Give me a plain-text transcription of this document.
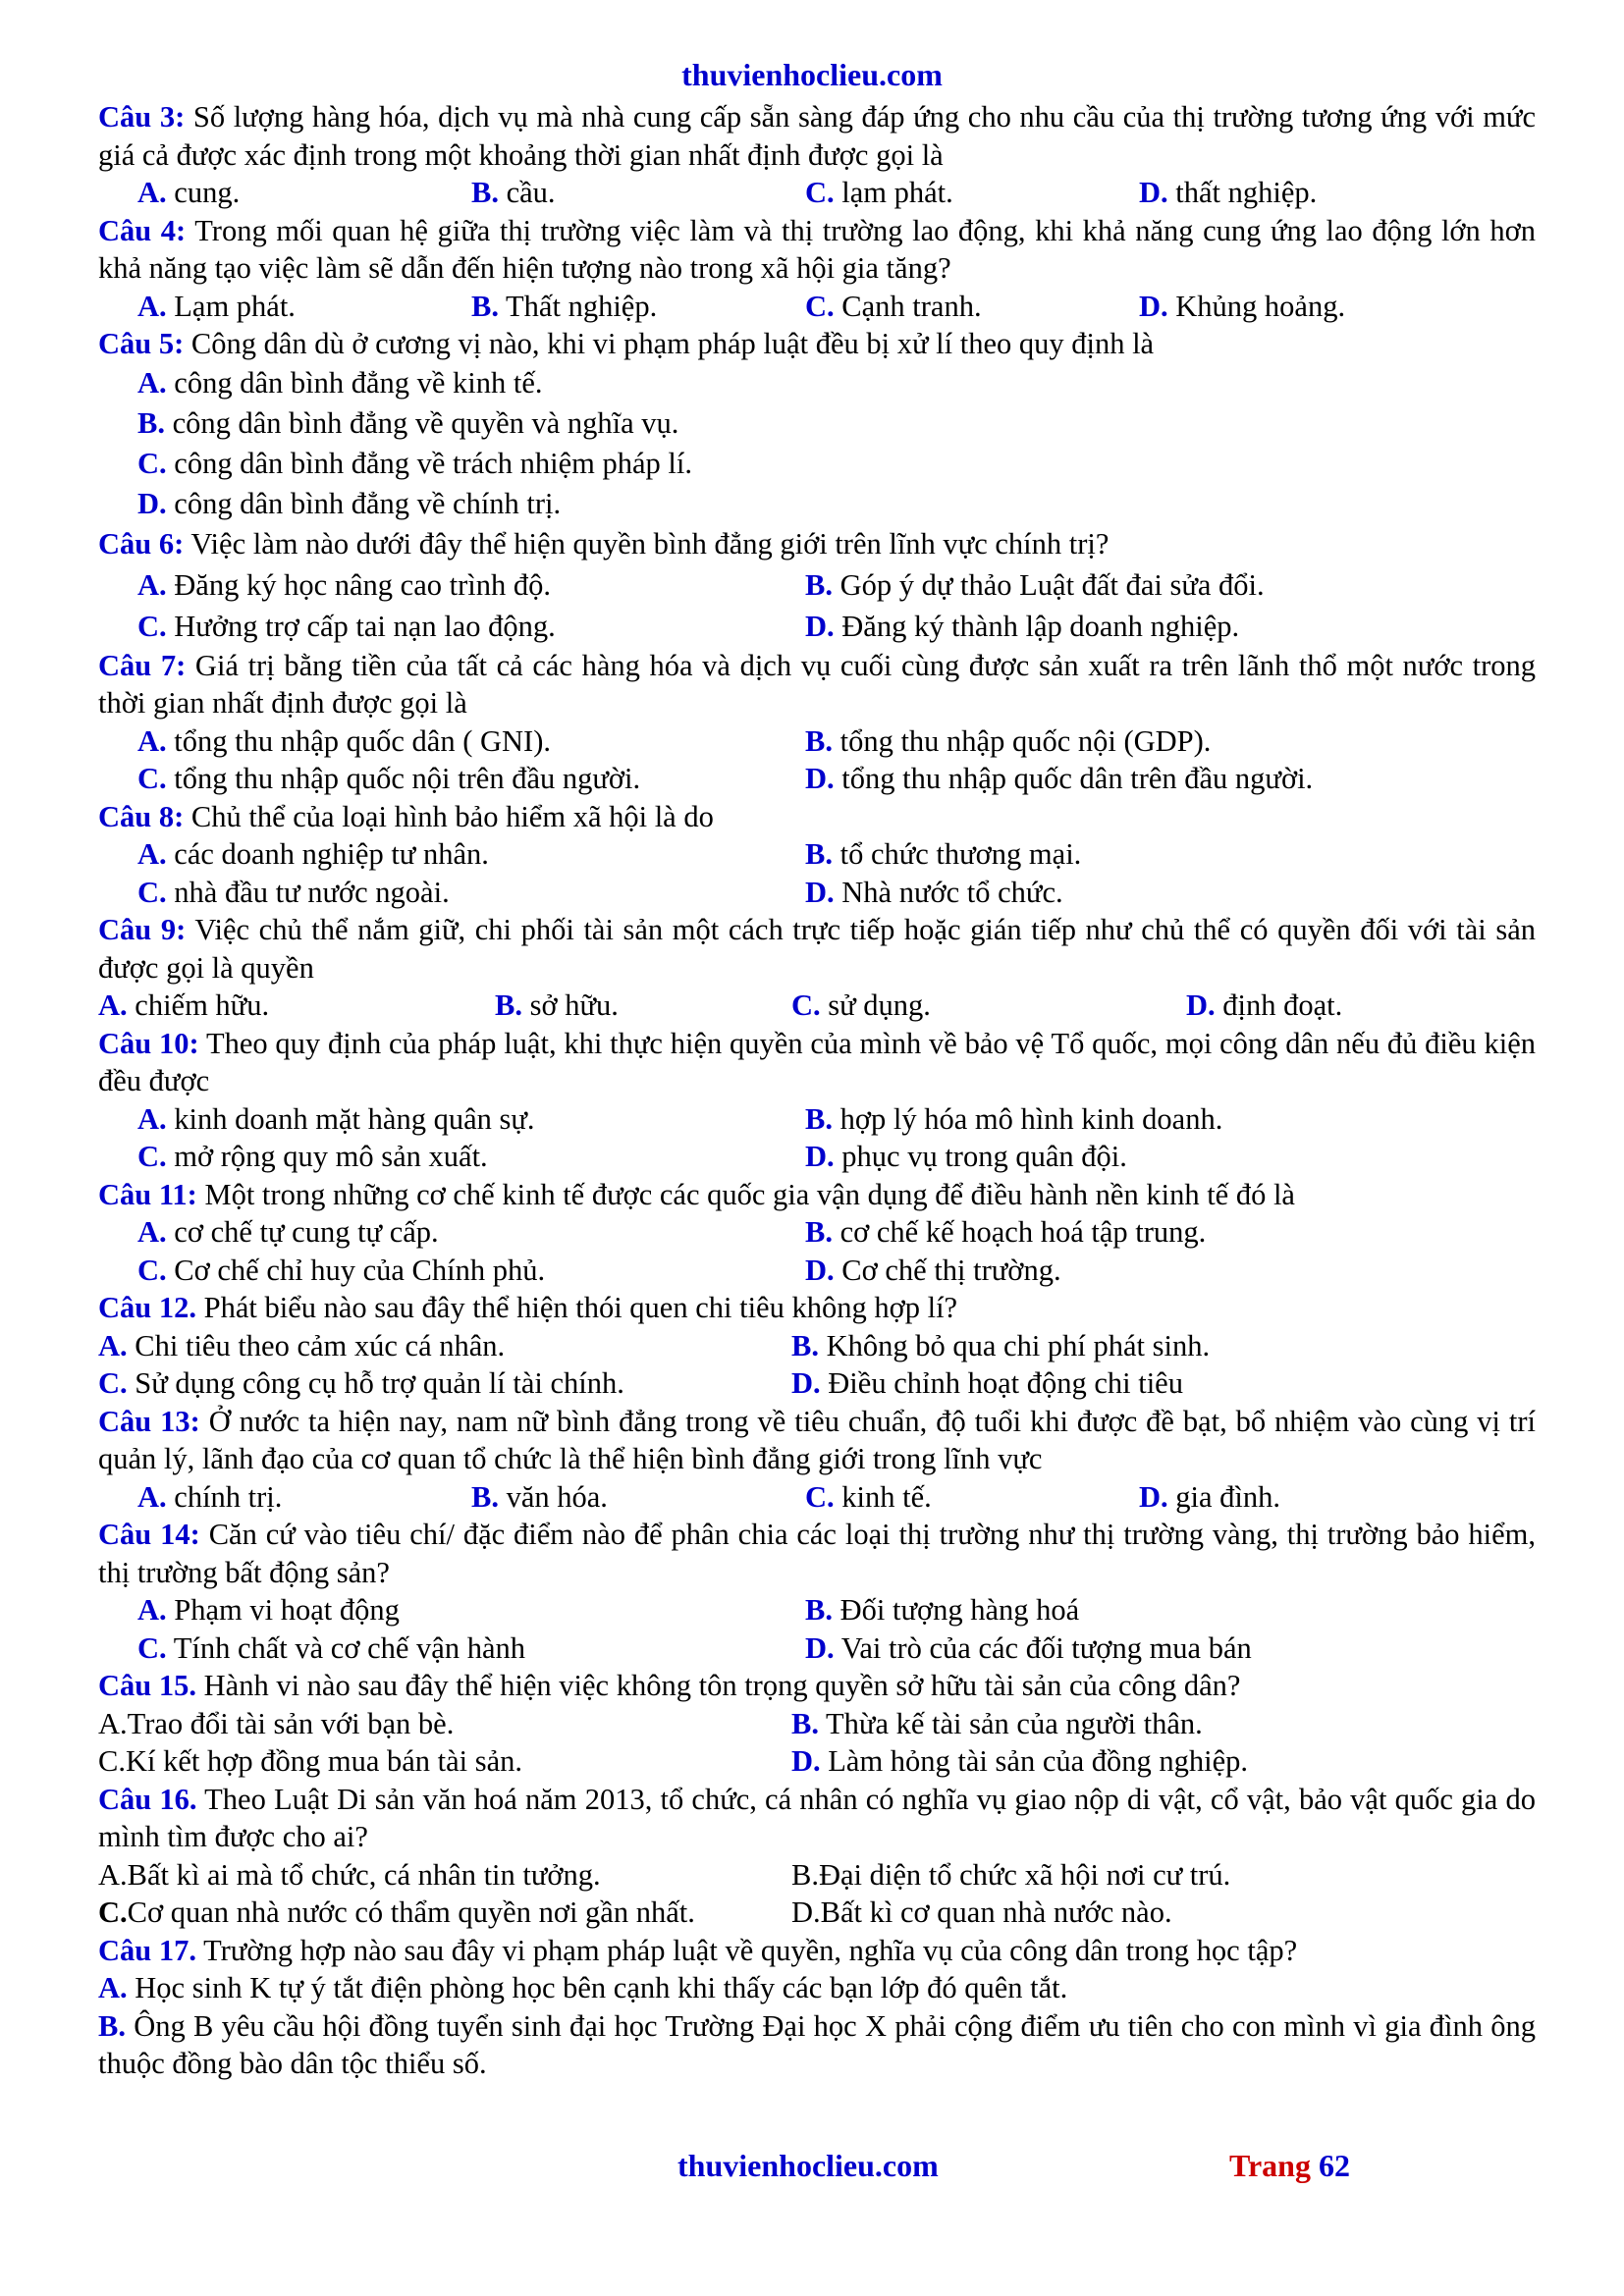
thuvienhoclieu.com
Câu 3: Số lượng hàng hóa, dịch vụ mà nhà cung cấp sẵn sàng đáp ứng cho nhu cầu của thị trường tương ứng với mức giá cả được xác định trong một khoảng thời gian nhất định được gọi là
A. cung.	B. cầu.	C. lạm phát.	D. thất nghiệp.
Câu 4: Trong mối quan hệ giữa thị trường việc làm và thị trường lao động, khi khả năng cung ứng lao động lớn hơn khả năng tạo việc làm sẽ dẫn đến hiện tượng nào trong xã hội gia tăng?
A. Lạm phát.	B. Thất nghiệp.	C. Cạnh tranh.	D. Khủng hoảng.
Câu 5: Công dân dù ở cương vị nào, khi vi phạm pháp luật đều bị xử lí theo quy định là
A. công dân bình đẳng về kinh tế.
B. công dân bình đẳng về quyền và nghĩa vụ.
C. công dân bình đẳng về trách nhiệm pháp lí.
D. công dân bình đẳng về chính trị.
Câu 6: Việc làm nào dưới đây thể hiện quyền bình đẳng giới trên lĩnh vực chính trị?
A. Đăng ký học nâng cao trình độ.	B. Góp ý dự thảo Luật đất đai sửa đổi.
C. Hưởng trợ cấp tai nạn lao động.	D. Đăng ký thành lập doanh nghiệp.
Câu 7: Giá trị bằng tiền của tất cả các hàng hóa và dịch vụ cuối cùng được sản xuất ra trên lãnh thổ một nước trong thời gian nhất định được gọi là
A. tổng thu nhập quốc dân ( GNI).	B. tổng thu nhập quốc nội (GDP).
C. tổng thu nhập quốc nội trên đầu người.	D. tổng thu nhập quốc dân trên đầu người.
Câu 8: Chủ thể của loại hình bảo hiểm xã hội là do
A. các doanh nghiệp tư nhân.	B. tổ chức thương mại.
C. nhà đầu tư nước ngoài.	D. Nhà nước tổ chức.
Câu 9: Việc chủ thể nắm giữ, chi phối tài sản một cách trực tiếp hoặc gián tiếp như chủ thể có quyền đối với tài sản được gọi là quyền
A. chiếm hữu.	B. sở hữu.	C. sử dụng.	D. định đoạt.
Câu 10: Theo quy định của pháp luật, khi thực hiện quyền của mình về bảo vệ Tổ quốc, mọi công dân nếu đủ điều kiện đều được
A. kinh doanh mặt hàng quân sự.	B. hợp lý hóa mô hình kinh doanh.
C. mở rộng quy mô sản xuất.	D. phục vụ trong quân đội.
Câu 11: Một trong những cơ chế kinh tế được các quốc gia vận dụng để điều hành nền kinh tế đó là
A. cơ chế tự cung tự cấp.	B. cơ chế kế hoạch hoá tập trung.
C. Cơ chế chỉ huy của Chính phủ.	D. Cơ chế thị trường.
Câu 12. Phát biểu nào sau đây thể hiện thói quen chi tiêu không hợp lí?
A. Chi tiêu theo cảm xúc cá nhân.	B. Không bỏ qua chi phí phát sinh.
C. Sử dụng công cụ hỗ trợ quản lí tài chính.	D. Điều chỉnh hoạt động chi tiêu
Câu 13: Ở nước ta hiện nay, nam nữ bình đẳng trong về tiêu chuẩn, độ tuổi khi được đề bạt, bổ nhiệm vào cùng vị trí quản lý, lãnh đạo của cơ quan tổ chức là thể hiện bình đẳng giới trong lĩnh vực
A. chính trị.	B. văn hóa.	C. kinh tế.	D. gia đình.
Câu 14: Căn cứ vào tiêu chí/ đặc điểm nào để phân chia các loại thị trường như thị trường vàng, thị trường bảo hiểm, thị trường bất động sản?
A. Phạm vi hoạt động	B. Đối tượng hàng hoá
C. Tính chất và cơ chế vận hành	D. Vai trò của các đối tượng mua bán
Câu 15. Hành vi nào sau đây thể hiện việc không tôn trọng quyền sở hữu tài sản của công dân?
A.Trao đổi tài sản với bạn bè.	B. Thừa kế tài sản của người thân.
C.Kí kết hợp đồng mua bán tài sản.	D. Làm hỏng tài sản của đồng nghiệp.
Câu 16. Theo Luật Di sản văn hoá năm 2013, tổ chức, cá nhân có nghĩa vụ giao nộp di vật, cổ vật, bảo vật quốc gia do mình tìm được cho ai?
A.Bất kì ai mà tổ chức, cá nhân tin tưởng.	B.Đại diện tổ chức xã hội nơi cư trú.
C.Cơ quan nhà nước có thẩm quyền nơi gần nhất.	D.Bất kì cơ quan nhà nước nào.
Câu 17. Trường hợp nào sau đây vi phạm pháp luật về quyền, nghĩa vụ của công dân trong học tập?
A. Học sinh K tự ý tắt điện phòng học bên cạnh khi thấy các bạn lớp đó quên tắt.
B. Ông B yêu cầu hội đồng tuyển sinh đại học Trường Đại học X phải cộng điểm ưu tiên cho con mình vì gia đình ông thuộc đồng bào dân tộc thiểu số.
thuvienhoclieu.com	Trang 62
